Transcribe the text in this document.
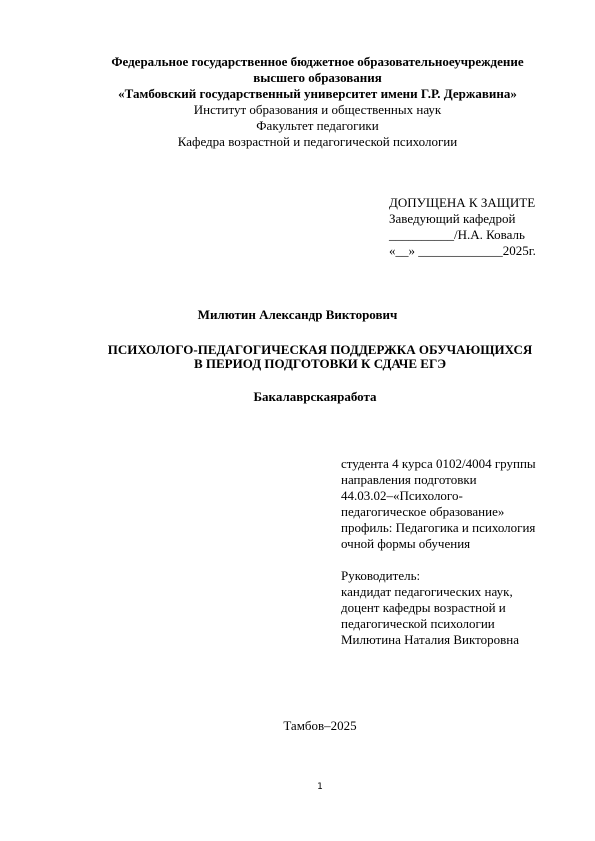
Федеральное государственное бюджетное образовательноеучреждение
высшего образования
«Тамбовский государственный университет имени Г.Р. Державина»
Институт образования и общественных наук
Факультет педагогики
Кафедра возрастной и педагогической психологии
ДОПУЩЕНА К ЗАЩИТЕ
Заведующий кафедрой
__________/Н.А. Коваль
«__» _____________2025г.
Милютин Александр Викторович
ПСИХОЛОГО-ПЕДАГОГИЧЕСКАЯ ПОДДЕРЖКА ОБУЧАЮЩИХСЯ
В ПЕРИОД ПОДГОТОВКИ К СДАЧЕ ЕГЭ
Бакалаврскаяработа
студента 4 курса 0102/4004 группы
направления подготовки
44.03.02–«Психолого-
педагогическое образование»
профиль: Педагогика и психология
очной формы обучения
Руководитель:
кандидат педагогических наук,
доцент кафедры возрастной и
педагогической психологии
Милютина Наталия Викторовна
Тамбов–2025
1
